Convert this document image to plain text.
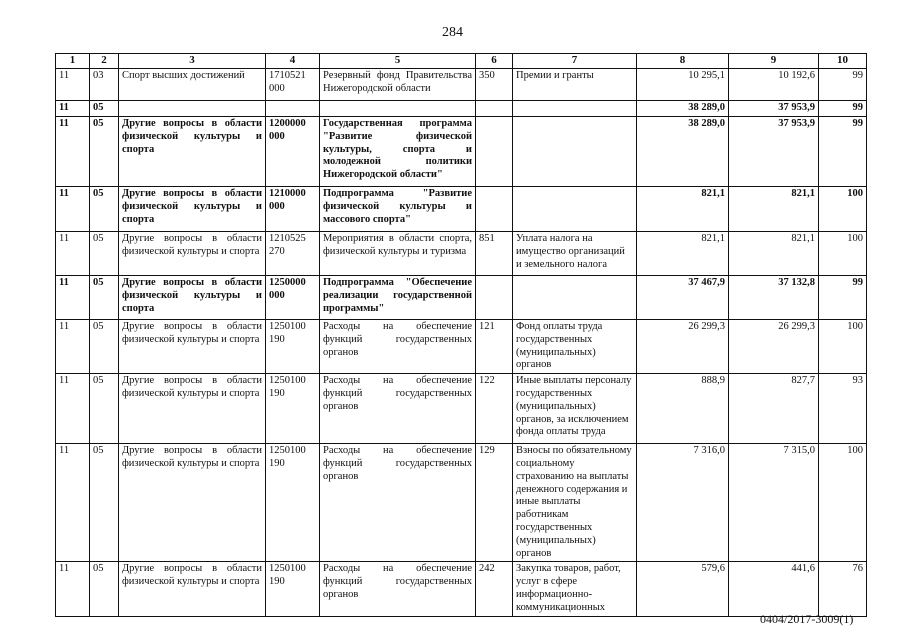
284
1	2	3	4	5	6	7	8	9	10
11	03	Спорт высших достижений	1710521 000	Резервный фонд Правительства Нижегородской области	350	Премии и гранты	10 295,1	10 192,6	99
11	05						38 289,0	37 953,9	99
11	05	Другие вопросы в области физической культуры и спорта	1200000 000	Государственная программа "Развитие физической культуры, спорта и молодежной политики Нижегородской области"			38 289,0	37 953,9	99
11	05	Другие вопросы в области физической культуры и спорта	1210000 000	Подпрограмма "Развитие физической культуры и массового спорта"			821,1	821,1	100
11	05	Другие вопросы в области физической культуры и спорта	1210525 270	Мероприятия в области спорта, физической культуры и туризма	851	Уплата налога на имущество организаций и земельного налога	821,1	821,1	100
11	05	Другие вопросы в области физической культуры и спорта	1250000 000	Подпрограмма "Обеспечение реализации государственной программы"			37 467,9	37 132,8	99
11	05	Другие вопросы в области физической культуры и спорта	1250100 190	Расходы на обеспечение функций государственных органов	121	Фонд оплаты труда государственных (муниципальных) органов	26 299,3	26 299,3	100
11	05	Другие вопросы в области физической культуры и спорта	1250100 190	Расходы на обеспечение функций государственных органов	122	Иные выплаты персоналу государственных (муниципальных) органов, за исключением фонда оплаты труда	888,9	827,7	93
11	05	Другие вопросы в области физической культуры и спорта	1250100 190	Расходы на обеспечение функций государственных органов	129	Взносы по обязательному социальному страхованию на выплаты денежного содержания и иные выплаты работникам государственных (муниципальных) органов	7 316,0	7 315,0	100
11	05	Другие вопросы в области физической культуры и спорта	1250100 190	Расходы на обеспечение функций государственных органов	242	Закупка товаров, работ, услуг в сфере информационно-коммуникационных	579,6	441,6	76
0404/2017-3009(1)
